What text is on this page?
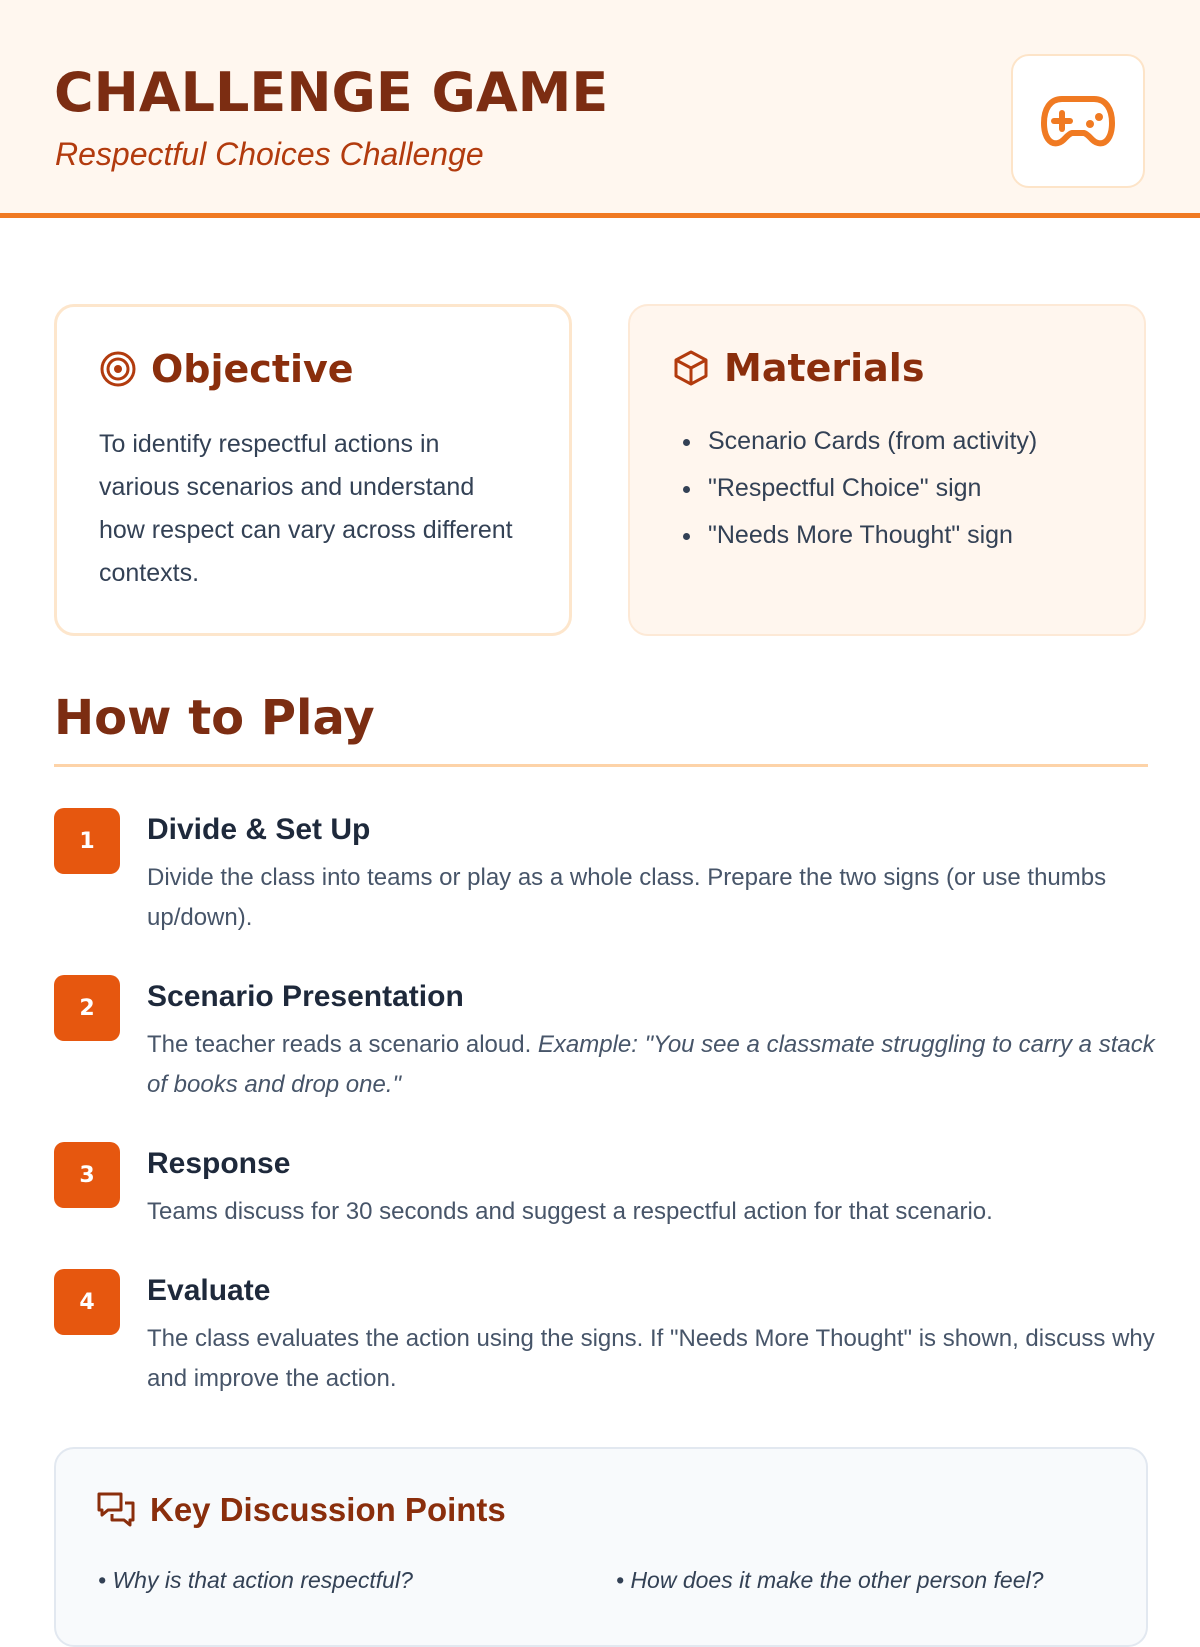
CHALLENGE GAME
Respectful Choices Challenge
Objective

To identify respectful actions in various scenarios and understand how respect can vary across different contexts.

Materials
• Scenario Cards (from activity)
• "Respectful Choice" sign
• "Needs More Thought" sign
How to Play
1	Divide & Set Up

Divide the class into teams or play as a whole class. Prepare the two signs (or use thumbs up/down).

2	Scenario Presentation

The teacher reads a scenario aloud. Example: "You see a classmate struggling to carry a stack of books and drop one."

3	Response

Teams discuss for 30 seconds and suggest a respectful action for that scenario.

4	Evaluate

The class evaluates the action using the signs. If "Needs More Thought" is shown, discuss why and improve the action.

Key Discussion Points
• Why is that action respectful?	• How does it make the other person feel?
